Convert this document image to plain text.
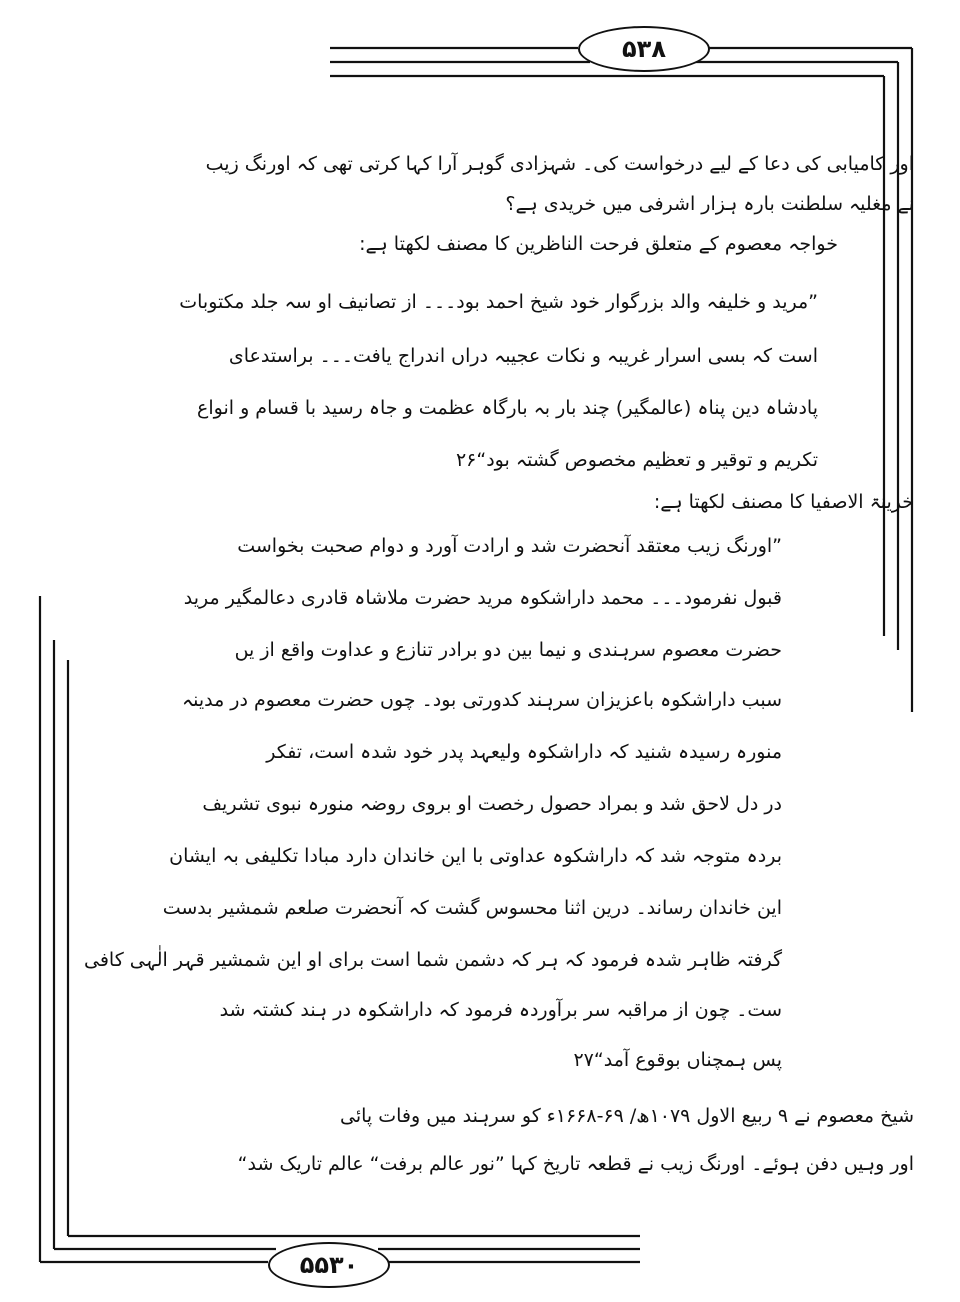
۵۳۸
اور کامیابی کی دعا کے لیے درخواست کی۔ شہزادی گوہر آرا کہا کرتی تھی کہ اورنگ زیب
نے مغلیہ سلطنت بارہ ہزار اشرفی میں خریدی ہے؟
خواجہ معصوم کے متعلق فرحت الناظرین کا مصنف لکھتا ہے:
”مرید و خلیفہ والد بزرگوار خود شیخ احمد بود۔۔۔ از تصانیف او سہ جلد مکتوبات
است کہ بسی اسرار غریبہ و نکات عجیبہ دراں اندراج یافت۔۔۔ براستدعای
پادشاہ دین پناہ (عالمگیر) چند بار بہ بارگاہ عظمت و جاہ رسید با قسام و انواع
تکریم و توقیر و تعظیم مخصوص گشتہ بود“۲۶
خزینۃ الاصفیا کا مصنف لکھتا ہے:
”اورنگ زیب معتقد آنحضرت شد و ارادت آورد و دوام صحبت بخواست
قبول نفرمود۔۔۔ محمد داراشکوہ مرید حضرت ملاشاہ قادری دعالمگیر مرید
حضرت معصوم سرہندی و نیما بین دو برادر تنازع و عداوت واقع از یں
سبب داراشکوہ باعزیزان سرہند کدورتی بود۔ چوں حضرت معصوم در مدینہ
منورہ رسیدہ شنید کہ داراشکوہ ولیعہد پدر خود شدہ است، تفکر
در دل لاحق شد و بمراد حصول رخصت او بروی روضہ منورہ نبوی تشریف
بردہ متوجہ شد کہ داراشکوہ عداوتی با این خاندان دارد مبادا تکلیفی بہ ایشان
این خاندان رساند۔ درین اثنا محسوس گشت کہ آنحضرت صلعم شمشیر بدست
گرفتہ ظاہر شدہ فرمود کہ ہر کہ دشمن شما است برای او این شمشیر قہر الٰہی کافی
ست۔ چون از مراقبہ سر برآوردہ فرمود کہ داراشکوہ در ہند کشتہ شد
پس ہمچناں بوقوع آمد“۲۷
شیخ معصوم نے ۹ ربیع الاول ۱۰۷۹ھ/ ۶۹-۱۶۶۸ء کو سرہند میں وفات پائی
اور وہیں دفن ہوئے۔ اورنگ زیب نے قطعہ تاریخ کہا ”نور عالم برفت“ عالم تاریک شد“
۵۵۳۰
